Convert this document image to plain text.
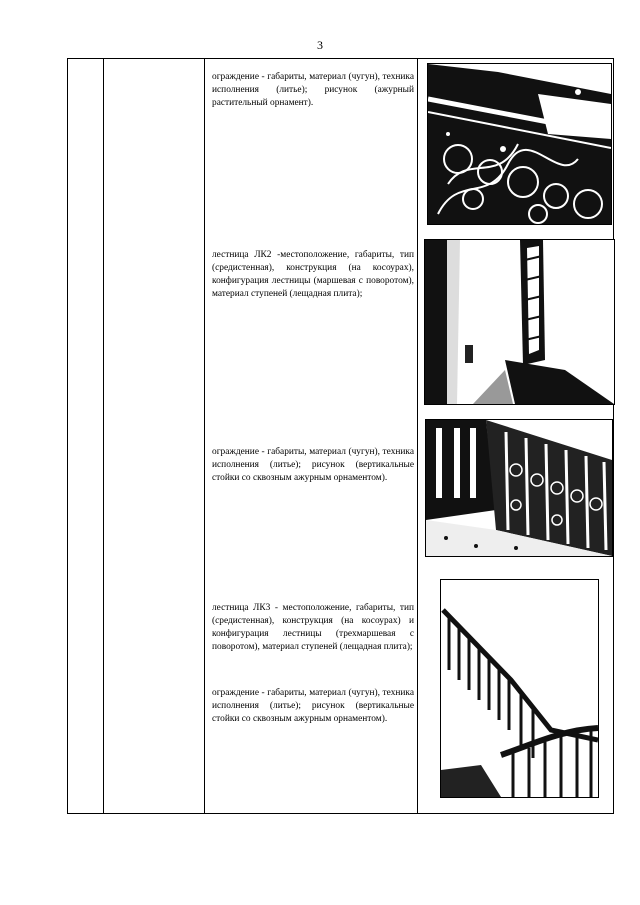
3

ограждение - габариты, материал (чугун), техника исполнения (литье); рисунок (ажурный растительный орнамент).

лестница ЛК2 -местоположение, габариты, тип (средистенная), конструкция (на косоурах), конфигурация лестницы (маршевая с поворотом), материал ступеней (лещадная плита);

ограждение - габариты, материал (чугун), техника исполнения (литье); рисунок (вертикальные стойки со сквозным ажурным орнаментом).

лестница ЛК3 - местоположение, габариты, тип (средистенная), конструкция (на косоурах) и конфигурация лестницы (трехмаршевая с поворотом), материал ступеней (лещадная плита);

ограждение - габариты, материал (чугун), техника исполнения (литье); рисунок (вертикальные стойки со сквозным ажурным орнаментом).
